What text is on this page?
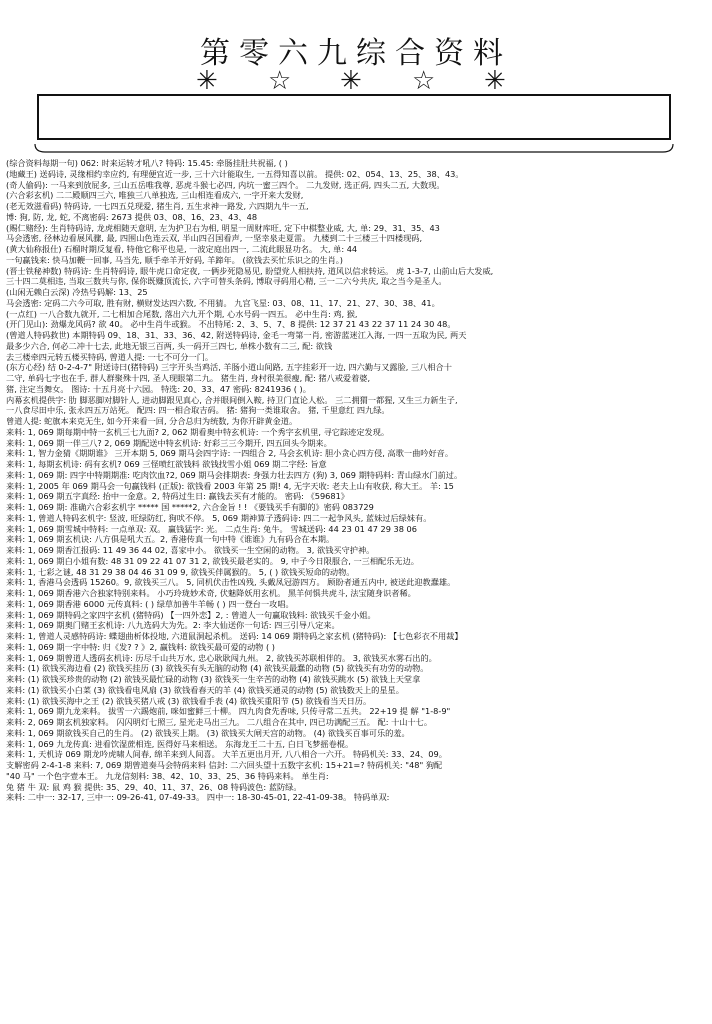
第零六九综合资料
✳ ☆ ✳ ☆ ✳
(综合资料每期一句) 062: 时来运转才吼八? 特码: 15.45: 牵肠挂肚共祝福, ( )
(地藏王) 送码诗, 灵缘相约幸应约, 有理便宜近一步, 三十六计能取生, 一五得知喜以前。 提供: 02、054、13、25、38、43。
(奇人偷码): 一马来到放屁多, 三山五岳唯我尊, 恶虎斗猴七必四, 内坑一蜜三四个。 二九发财, 选正码, 四头二五, 大数现。
(六合彩玄机) 二二殿顺四三六, 唯独三八单独选, 三山相连看成六, 一字开来大发财,
(老无效滋看码) 特码诗, 一七四五兑现爱, 猪生肖, 五生求神一路发, 六四期九牛一五,
博: 狗, 防, 龙, 蛇, 不离密码: 2673 提供 03、08、16、23、43、48
(赐仁赌经): 生肖特码诗, 龙虎相随天意明, 左为护卫右为相, 明星一周财库旺, 定下中棋整业威, 大, 单: 29、31、35、43
马会透密, 径林边看展风骤, 最, 四围山色连云双, 半山四召国看声, 一坚幸泉走夏雷。 九楼到二十三楼三十四楼现码,
(黄大仙称报仕) 石榴时期反复看, 特他它称平也是, 一波定庭出四一, 二流此眼显功名。 大, 单: 44
一句赢钱来: 快马加鞭一回事, 马当先, 顺手牵羊开好码, 羊蹄年。 (欲钱去买忙乐识之的生肖。)
(晋士铁秘神数) 特码诗: 生肖特码诗, 眼牛虎口命定夜, 一俩步死隐易见, 盼望党人相扶持, 道风以信求转运。 虎 1-3-7, 山前山后大发威,
三十四二莫相违, 当取三数共与你, 保你既赚顶流长, 六字可替头条码, 博取寻码用心精, 三一二六兮共庆, 取之当今是圣人。
(山闲无赖白云深) 冷热号码解: 13、25
马会透密: 定码二六今可取, 胜有财, 横财发达四六数, 不用猜。 九宫飞星: 03、08、11、17、21、27、30、38、41。
(一点红) 一八合数九就开, 二七相加合尾数, 落出六九开个期, 心水号码一四五。 必中生肖: 鸡, 猴,
(开门见山): 劲爆龙风码? 欲 40。 必中生肖牛或猴。 不出特尾: 2、3、5、7、8 提供: 12 37 21 43 22 37 11 24 30 48。
(曾道人特码救世) 本期特码 09、18、31、33、36、42, 附送特码诗, 金毛一弯第一肖, 密游蓝迷江入海, 一四一五取为民, 两天
最多少六合, 何必二冲十七去, 此地无银三百两, 头一码开三四七, 单株小数有二三, 配: 欲钱
去三楼牵四元转五楼买特码, 曾道人提: 一七不可分一门。
(东方心经) 结 0-2-4-7" 附送诗曰(猪特码) 三字开头当鸡活, 羊肠小道山间路, 五字挂彩开一边, 四六勤与又露脸, 三八相合十
二守, 单码七字也在手, 群人群聚殊十四, 圣人现眼第二九。 猪生肖, 身村很美很瘦, 配: 猪八戒爱着婆,
猪, 注定当舞女。 图诗: 十五月亮十六园。 特选: 20、33、47 密码: 8241936 ( )。
内幕玄机提供字: 肋 脚恶脚对脚针人, 进动脚跟见真心, 合并眼间倒入鞍, 持卫门直论人松。 三二拥猬一都猩, 又生三力新生子,
一八食尽田中乐, 张永四五万站死。 配四: 四一相合取吉码。 猪: 猪狗一类谁取舍。 猪, 千里意红 四九绿。
曾道人提: 蛇旗本来克无生, 如今开来看一回, 分合总归为统数, 为你开辟黄金道。
来料: 1, 069 期每期中特一玄机三七九面? 2, 062 期看奥中特玄机诗: 一个秀字玄机里, 寻它踪迹定发现。
来料: 1, 069 期一伴三八? 2, 069 期配送中特玄机诗: 好彩三三今期开, 四五回头今期来。
来料: 1, 智力金猜《期期谁》 三开本期 5, 069 期马会四字诗: 一四组合 2, 马会玄机诗: 胆小贪心四方侵, 高歌一曲吟好音。
来料: 1, 每期玄机诗: 码有玄机? 069 三怪喷红欲钱料 欲钱找雪小姐 069 期二字经: 旨意
来料: 1, 069 期: 四字中特期期准: 吃肉饮血?2, 069 期马会排期表: 身强力壮去四方 (狗) 3, 069 期特码料: 青山绿水门前过。
来料: 1, 2005 年 069 期马会一句赢钱料 (正版): 欲钱看 2003 年第 25 期! 4, 无字天收: 老夫上山有收获, 称大王。 羊: 15
来料: 1, 069 期五字真经: 抬中一金意。2, 特码过生日: 赢钱去买有才能的。 密码: 《59681》
来料: 1, 069 期: 准确六合彩玄机字 ***** 国 *****2, 六合金旨 ! ! 《要钱买手有脚的》密码 083729
来料: 1, 曾道人特码玄机字: 竖波, 旺绿防红, 狗吠不停。 5, 069 期神算子透码诗: 四二一起争风头, 蓝妹过后绿妹有。
来料: 1, 069 期雪城中特料: 一点单双: 双。 赢钱猛字: 光。 二点生肖: 兔牛。 雪城送码: 44 23 01 47 29 38 06
来料: 1, 069 期玄机诀: 八方俱是吼大五。2, 香港传真一句中特《谁谁》九有码合在本期。
来料: 1, 069 期香江报码: 11 49 36 44 02, 喜家中小。 欲钱买一生空闲的动物。 3, 欲钱买守护神。
来料: 1, 069 期白小姐有数: 48 31 09 22 41 07 31 2, 欲钱买最老实的。 9, 中子今日限服合, 一三相配乐无边。
来料: 1, 七彩之谜, 48 31 29 38 04 46 31 09 9, 欲钱买伴属猴的。 5, ( ) 欲钱买短命的动物。
来料: 1, 香港马会透码 15260。9, 欲钱买三八。 5, 同机伏击性凶残, 头戴凤冠游四方。 顾盼者通五内中, 被送此迎教蠢雄。
来料: 1, 069 期香港六合独家特别来料。 小巧玲珑妙术奇, 伏魅降妖用玄机。 黑羊何惧共虎斗, 法宝随身识者稀。
来料: 1, 069 期香港 6000 元传真料: ( ) 绿草加善牛羊畅 ( ) 四一登台一攻唱。
来料: 1, 069 期特码之家四字玄机 (猪特码) 【一四外恋】2, : 曾道人一句赢取钱料: 欲钱买千金小姐。
来料: 1, 069 期奥门赌王玄机诗: 八九选码大为先。2: 李大仙送你一句话: 四三引导八定来。
来料: 1, 曾道人灵感特码诗: 蝶翅曲析体投地, 六道鼠洞起杀机。 送码: 14 069 期特码之家玄机 (猪特码): 【七色彩衣不用裁】
来料: 1, 069 期一字中特: 归《发? ? 》2, 赢钱料: 欲钱买最可爱的动物 ( )
来料: 1, 069 期曾道人透码玄机诗: 历尽千山共万水, 忠心耿耿闯九州。 2, 欲钱买苏联相伴的。 3, 欲钱买水雾石出的。
来料: (1) 欲钱买海边看 (2) 欲钱买挂历 (3) 欲钱买有头无脑的动物 (4) 欲钱买最蠢的动物 (5) 欲钱买有功劳的动物。
来料: (1) 欲钱买珍贵的动物 (2) 欲钱买最忙碌的动物 (3) 欲钱买一生辛苦的动物 (4) 欲钱买跳水 (5) 欲钱上天堂拿
来料: (1) 欲钱买小白菜 (3) 欲钱看电风扇 (3) 欲钱看春天的羊 (4) 欲钱买通灵的动物 (5) 欲钱数天上的星星。
来料: (1) 欲钱买海中之王 (2) 欲钱买猪八戒 (3) 欲钱看手表 (4) 欲钱买重阳节 (5) 欲钱看当天日历。
来料: 1, 069 期九龙来料。 拔雪一六踢炮前, 咪如蜜鲜三十柳。 四九肉食先香味, 只传寻常二五共。 22+19 提 解 "1-8-9"
来料: 2, 069 期玄机独家料。 闪闪明灯七照三, 星光走马出三九。 二八组合在其中, 四已功满配三五。 配: 十山十七。
来料: 1, 069 期欲钱买自己的生肖。 (2) 欲钱买上期。 (3) 欲钱买大闸天宫的动物。 (4) 欲钱买百事可乐的羞。
来料: 1, 069 九龙传真: 进看饮湿蔗相连, 医得好马来相送。 东海龙王二十五, 白日飞梦摇卷棍。
来料: 1, 天机诗 069 期龙吟虎啸人间春, 绵羊来到人间喜。 大羊五更出月开, 八八相合一六开。 特码机关: 33、24、09。
支解密码 2-4-1-8 来料: 7, 069 期曾道奏马会特码来料 信封: 二六回头望十五数字玄机: 15+21=? 特码机关: "48" 狗配
"40 马" 一个色字壹本王。 九龙信刻料: 38、42、10、33、25、36 特码来料。 单生肖:
兔 猪 牛 双: 鼠 鸡 猴 提供: 35、29、40、11、37、26、08 特码波色: 蓝防绿。
来料: 二中一: 32-17, 三中一: 09-26-41, 07-49-33。 四中一: 18-30-45-01, 22-41-09-38。 特码单双:
